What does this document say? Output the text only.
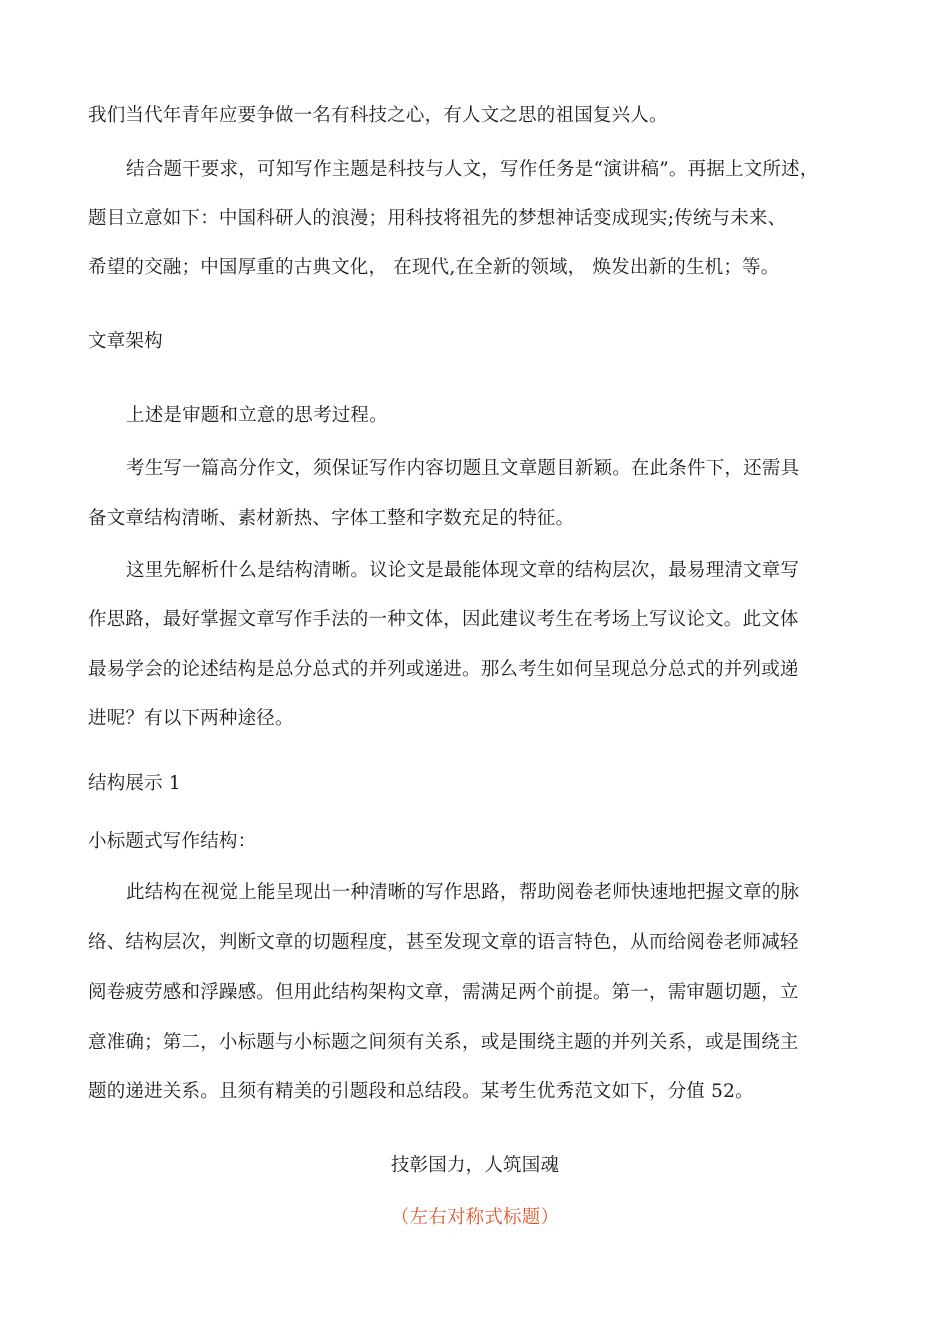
我们当代年青年应要争做一名有科技之心，有人文之思的祖国复兴人。
结合题干要求，可知写作主题是科技与人文，写作任务是“演讲稿”。再据上文所述，
题目立意如下：中国科研人的浪漫；用科技将祖先的梦想神话变成现实;传统与未来、
希望的交融；中国厚重的古典文化， 在现代,在全新的领域， 焕发出新的生机；等。
文章架构
上述是审题和立意的思考过程。
考生写一篇高分作文，须保证写作内容切题且文章题目新颖。在此条件下，还需具
备文章结构清晰、素材新热、字体工整和字数充足的特征。
这里先解析什么是结构清晰。议论文是最能体现文章的结构层次，最易理清文章写
作思路，最好掌握文章写作手法的一种文体，因此建议考生在考场上写议论文。此文体
最易学会的论述结构是总分总式的并列或递进。那么考生如何呈现总分总式的并列或递
进呢？有以下两种途径。
结构展示 1
小标题式写作结构：
此结构在视觉上能呈现出一种清晰的写作思路，帮助阅卷老师快速地把握文章的脉
络、结构层次，判断文章的切题程度，甚至发现文章的语言特色，从而给阅卷老师减轻
阅卷疲劳感和浮躁感。但用此结构架构文章，需满足两个前提。第一，需审题切题，立
意准确；第二，小标题与小标题之间须有关系，或是围绕主题的并列关系，或是围绕主
题的递进关系。且须有精美的引题段和总结段。某考生优秀范文如下，分值 52。
技彰国力，人筑国魂
（左右对称式标题）
